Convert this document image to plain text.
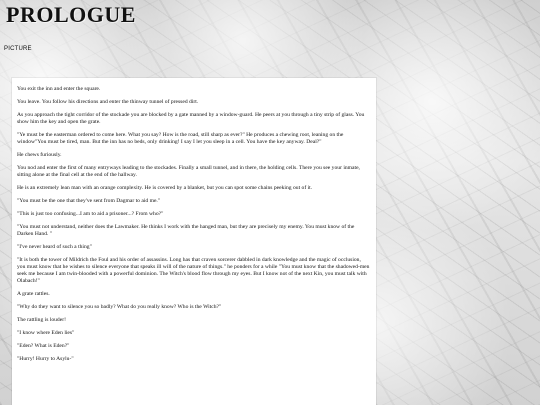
PROLOGUE
PICTURE

You exit the inn and enter the square.

You leave. You follow his directions and enter the thinway tunnel of pressed dirt.

As you approach the tight corridor of the stockade you are blocked by a gate manned by a window-guard. He peers at you through a tiny strip of glass. You show him the key and open the grate.

"Ye must be the easterman ordered to come here. What you say? How is the road, still sharp as ever?" He produces a chewing root, leaning on the window"You must be tired, man. But the inn has no beds, only drinking! I say I let you sleep in a cell. You have the key anyway. Deal?"

He chews furiously.

You nod and enter the first of many entryways leading to the stockades. Finally a small tunnel, and in there, the holding cells. There you see your inmate, sitting alone at the final cell at the end of the hallway.

He is an extremely lean man with an orange complexity. He is covered by a blanket, but you can spot some chains peeking out of it.

"You must be the one that they've sent from Dagmar to aid me."

"This is just too confusing...I am to aid a prisoner...? From who?"

"You must not understand, neither does the Lawmaker. He thinks I work with the hanged man, but they are precisely my enemy. You must know of the Darken Hand. "

"I've never heard of such a thing"

"It is both the tower of Mildrich the Foul and his order of assassins. Long has that craven sorcerer dabbled in dark knowledge and the magic of occlusion, you must know that he wishes to silence everyone that speaks ill will of the nature of things." he ponders for a while "You must know that the shadowed-men seek me because I am twin-blooded with a powerful dominion. The Witch's blood flow through my eyes. But I know not of the next Kin, you must talk with Olabach!"

A grate rattles.

"Why do they want to silence you so badly? What do you really know? Who is the Witch?"

The rattling is louder!

"I know where Eden lies"

"Eden? What is Eden?"

"Hurry! Hurry to Asylu-"
